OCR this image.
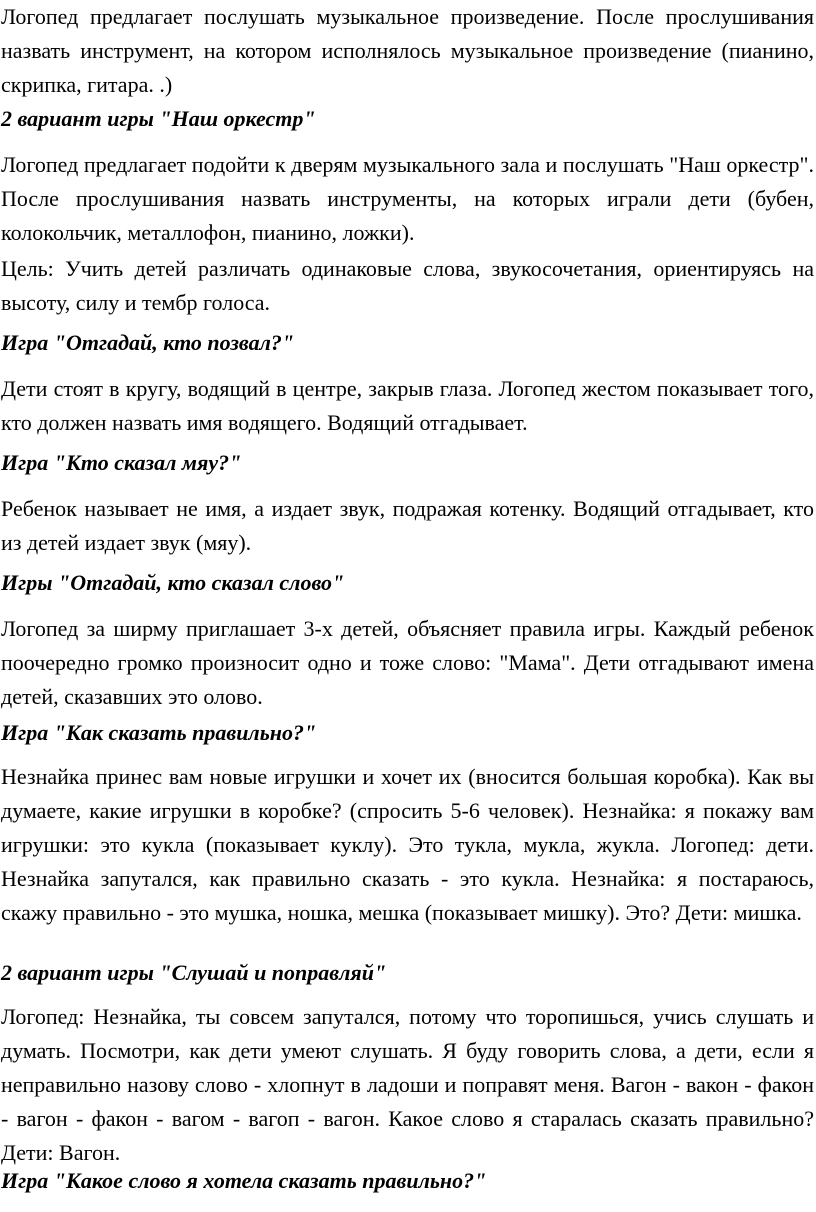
Логопед предлагает послушать музыкальное произведение. После прослушивания назвать инструмент, на котором исполнялось музыкальное произведение (пианино, скрипка, гитара. .)

2 вариант игры "Наш оркестр"

Логопед предлагает подойти к дверям музыкального зала и послушать "Наш оркестр". После прослушивания назвать инструменты, на которых играли дети (бубен, колокольчик, металлофон, пианино, ложки).

Цель: Учить детей различать одинаковые слова, звукосочетания, ориентируясь на высоту, силу и тембр голоса.

Игра "Отгадай, кто позвал?"

Дети стоят в кругу, водящий в центре, закрыв глаза. Логопед жестом показывает того, кто должен назвать имя водящего. Водящий отгадывает.

Игра "Кто сказал мяу?"

Ребенок называет не имя, а издает звук, подражая котенку. Водящий отгадывает, кто из детей издает звук (мяу).

Игры "Отгадай, кто сказал слово"

Логопед за ширму приглашает 3-х детей, объясняет правила игры. Каждый ребенок поочередно громко произносит одно и тоже слово: "Мама". Дети отгадывают имена детей, сказавших это олово.

Игра "Как сказать правильно?"

Незнайка принес вам новые игрушки и хочет их (вносится большая коробка). Как вы думаете, какие игрушки в коробке? (спросить 5-6 человек). Незнайка: я покажу вам игрушки: это кукла (показывает куклу). Это тукла, мукла, жукла. Логопед: дети. Незнайка запутался, как правильно сказать - это кукла. Незнайка: я постараюсь, скажу правильно - это мушка, ношка, мешка (показывает мишку). Это? Дети: мишка.

2 вариант игры "Слушай и поправляй"

Логопед: Незнайка, ты совсем запутался, потому что торопишься, учись слушать и думать. Посмотри, как дети умеют слушать. Я буду говорить слова, а дети, если я неправильно назову слово - хлопнут в ладоши и поправят меня. Вагон - вакон - факон - вагон - факон - вагом - вагоп - вагон. Какое слово я старалась сказать правильно? Дети: Вагон.

Игра "Какое слово я хотела сказать правильно?"
